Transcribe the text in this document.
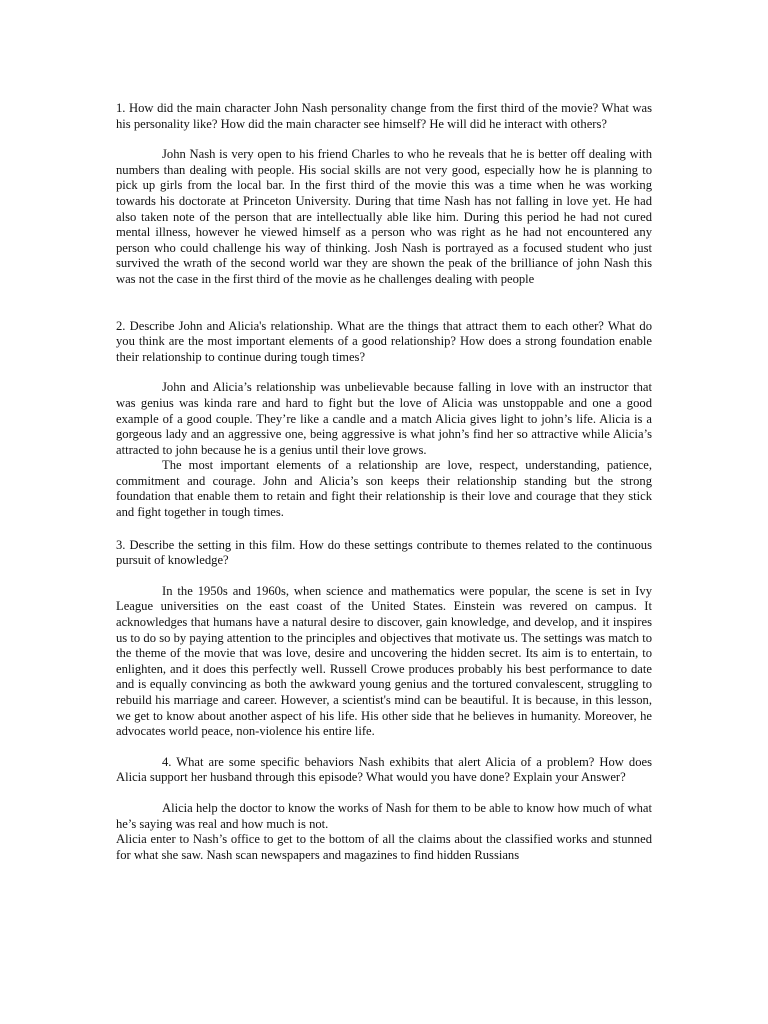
1. How did the main character John Nash personality change from the first third of the movie? What was his personality like? How did the main character see himself? He will did he interact with others?

John Nash is very open to his friend Charles to who he reveals that he is better off dealing with numbers than dealing with people. His social skills are not very good, especially how he is planning to pick up girls from the local bar. In the first third of the movie this was a time when he was working towards his doctorate at Princeton University. During that time Nash has not falling in love yet. He had also taken note of the person that are intellectually able like him. During this period he had not cured mental illness, however he viewed himself as a person who was right as he had not encountered any person who could challenge his way of thinking. Josh Nash is portrayed as a focused student who just survived the wrath of the second world war they are shown the peak of the brilliance of john Nash this was not the case in the first third of the movie as he challenges dealing with people

2. Describe John and Alicia's relationship. What are the things that attract them to each other? What do you think are the most important elements of a good relationship? How does a strong foundation enable their relationship to continue during tough times?

John and Alicia’s relationship was unbelievable because falling in love with an instructor that was genius was kinda rare and hard to fight but the love of Alicia was unstoppable and one a good example of a good couple. They’re like a candle and a match Alicia gives light to john’s life. Alicia is a gorgeous lady and an aggressive one, being aggressive is what john’s find her so attractive while Alicia’s attracted to john because he is a genius until their love grows.

The most important elements of a relationship are love, respect, understanding, patience, commitment and courage. John and Alicia’s son keeps their relationship standing but the strong foundation that enable them to retain and fight their relationship is their love and courage that they stick and fight together in tough times.

3. Describe the setting in this film. How do these settings contribute to themes related to the continuous pursuit of knowledge?

In the 1950s and 1960s, when science and mathematics were popular, the scene is set in Ivy League universities on the east coast of the United States. Einstein was revered on campus. It acknowledges that humans have a natural desire to discover, gain knowledge, and develop, and it inspires us to do so by paying attention to the principles and objectives that motivate us. The settings was match to the theme of the movie that was love, desire and uncovering the hidden secret. Its aim is to entertain, to enlighten, and it does this perfectly well. Russell Crowe produces probably his best performance to date and is equally convincing as both the awkward young genius and the tortured convalescent, struggling to rebuild his marriage and career. However, a scientist's mind can be beautiful. It is because, in this lesson, we get to know about another aspect of his life. His other side that he believes in humanity. Moreover, he advocates world peace, non-violence his entire life.

4. What are some specific behaviors Nash exhibits that alert Alicia of a problem? How does Alicia support her husband through this episode? What would you have done? Explain your Answer?

Alicia help the doctor to know the works of Nash for them to be able to know how much of what he’s saying was real and how much is not.

Alicia enter to Nash’s office to get to the bottom of all the claims about the classified works and stunned for what she saw. Nash scan newspapers and magazines to find hidden Russians
